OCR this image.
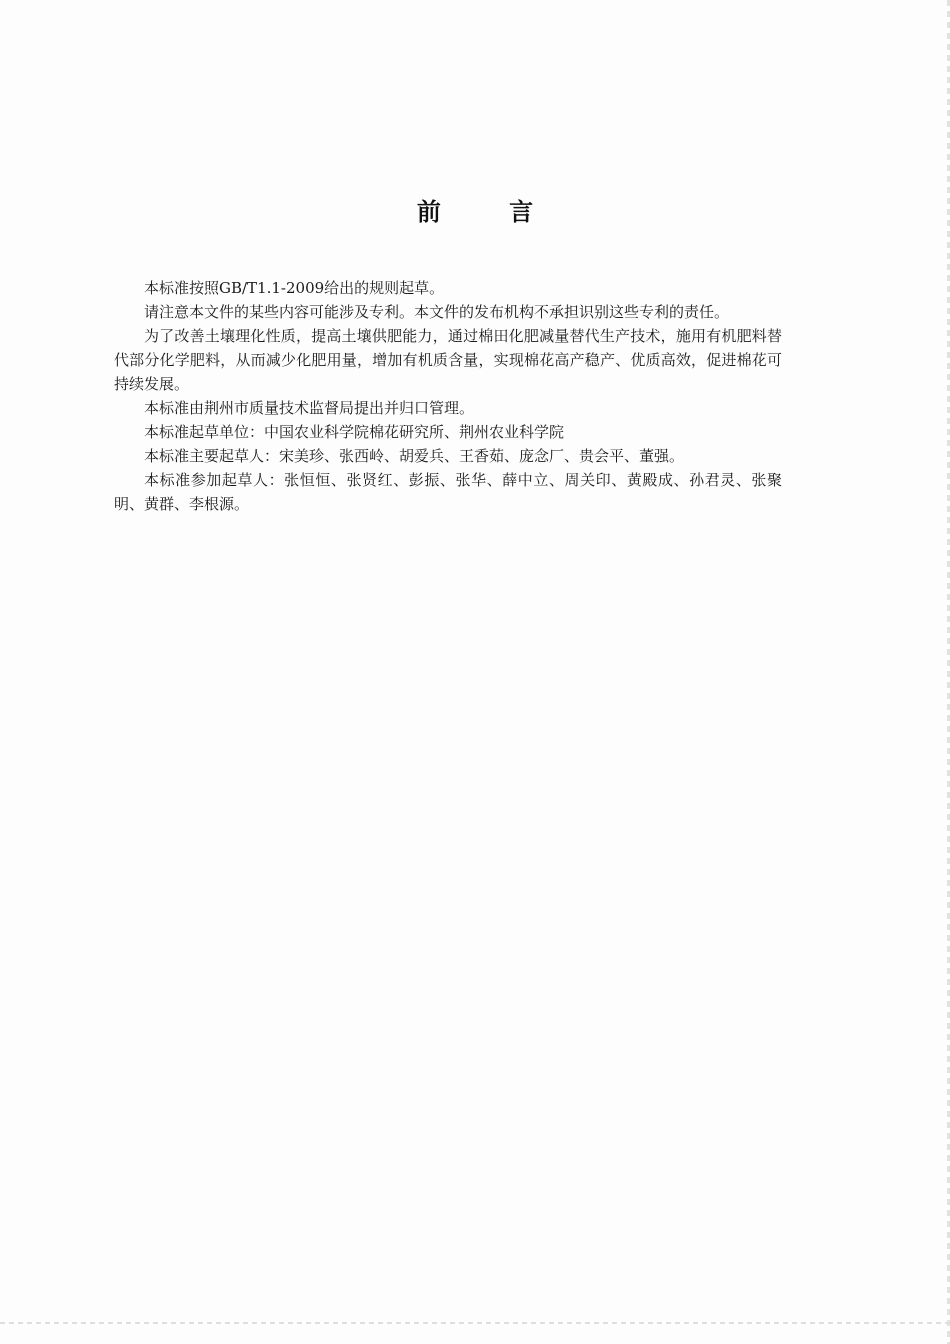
前 言

本标准按照GB/T1.1-2009给出的规则起草。

请注意本文件的某些内容可能涉及专利。本文件的发布机构不承担识别这些专利的责任。

为了改善土壤理化性质，提高土壤供肥能力，通过棉田化肥减量替代生产技术，施用有机肥料替代部分化学肥料，从而减少化肥用量，增加有机质含量，实现棉花高产稳产、优质高效，促进棉花可持续发展。

本标准由荆州市质量技术监督局提出并归口管理。

本标准起草单位：中国农业科学院棉花研究所、荆州农业科学院

本标准主要起草人：宋美珍、张西岭、胡爱兵、王香茹、庞念厂、贵会平、董强。

本标准参加起草人：张恒恒、张贤红、彭振、张华、薛中立、周关印、黄殿成、孙君灵、张聚明、黄群、李根源。
